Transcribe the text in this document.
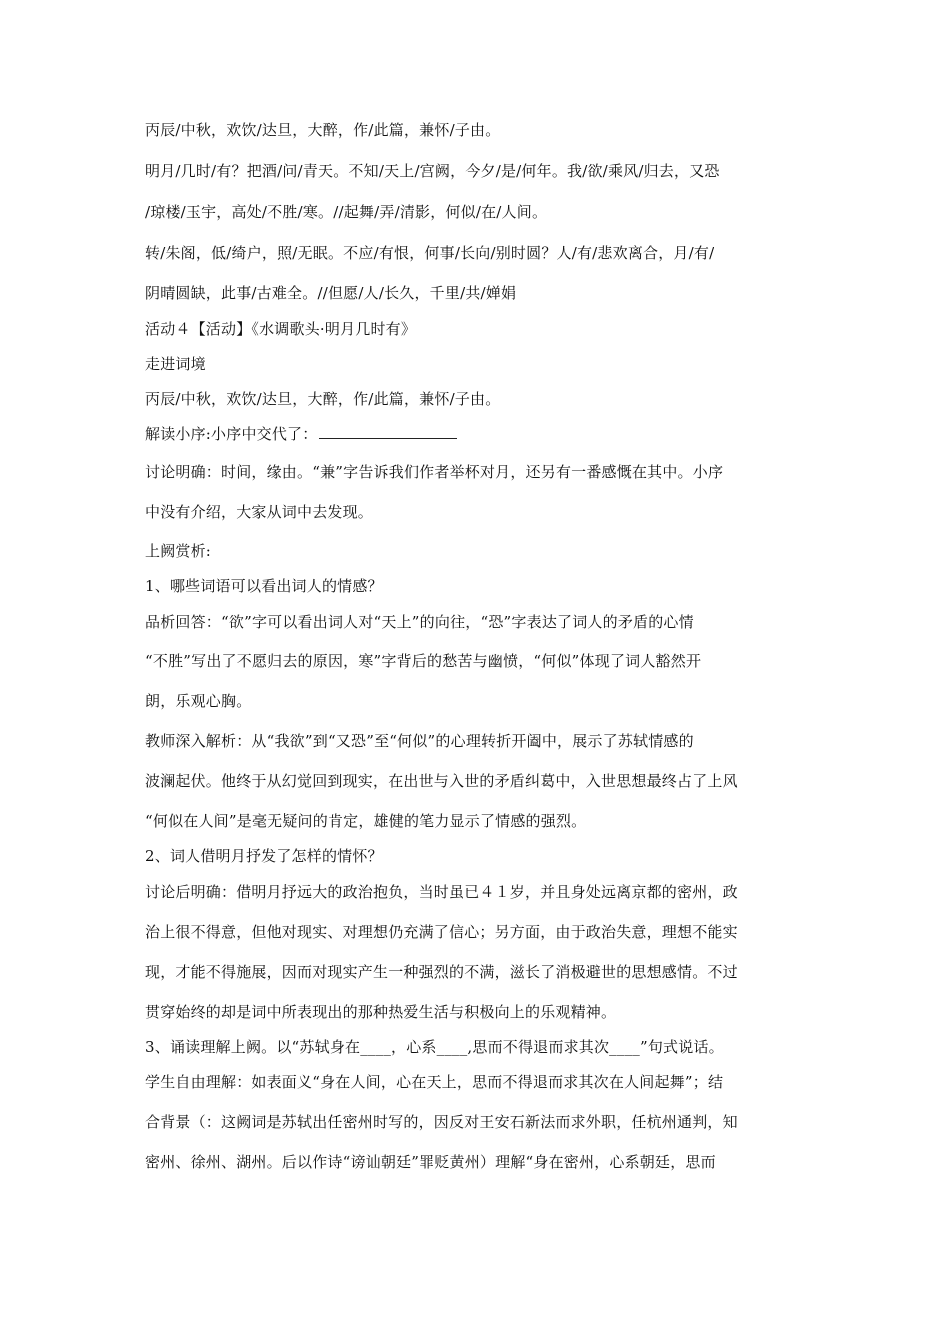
丙辰/中秋，欢饮/达旦，大醉，作/此篇，兼怀/子由。
明月/几时/有？把酒/问/青天。不知/天上/宫阙，今夕/是/何年。我/欲/乘风/归去，又恐
/琼楼/玉宇，高处/不胜/寒。//起舞/弄/清影，何似/在/人间。
转/朱阁，低/绮户，照/无眠。不应/有恨，何事/长向/别时圆？人/有/悲欢离合，月/有/
阴晴圆缺，此事/古难全。//但愿/人/长久，千里/共/婵娟
活动４【活动】《水调歌头·明月几时有》
走进词境
丙辰/中秋，欢饮/达旦，大醉，作/此篇，兼怀/子由。
解读小序:小序中交代了：
讨论明确：时间，缘由。“兼”字告诉我们作者举杯对月，还另有一番感慨在其中。小序
中没有介绍，大家从词中去发现。
上阙赏析:
1、哪些词语可以看出词人的情感？
品析回答：“欲”字可以看出词人对“天上”的向往，“恐”字表达了词人的矛盾的心情
“不胜”写出了不愿归去的原因，寒”字背后的愁苦与幽愤，“何似”体现了词人豁然开
朗，乐观心胸。
教师深入解析：从“我欲”到“又恐”至“何似”的心理转折开阖中，展示了苏轼情感的
波澜起伏。他终于从幻觉回到现实，在出世与入世的矛盾纠葛中，入世思想最终占了上风
“何似在人间”是毫无疑问的肯定，雄健的笔力显示了情感的强烈。
2、词人借明月抒发了怎样的情怀？
讨论后明确：借明月抒远大的政治抱负，当时虽已４１岁，并且身处远离京都的密州，政
治上很不得意，但他对现实、对理想仍充满了信心；另方面，由于政治失意，理想不能实
现，才能不得施展，因而对现实产生一种强烈的不满，滋长了消极避世的思想感情。不过
贯穿始终的却是词中所表现出的那种热爱生活与积极向上的乐观精神。
3、诵读理解上阙。以“苏轼身在____，心系____,思而不得退而求其次____”句式说话。
学生自由理解：如表面义“身在人间，心在天上，思而不得退而求其次在人间起舞”；结
合背景（：这阙词是苏轼出任密州时写的，因反对王安石新法而求外职，任杭州通判，知
密州、徐州、湖州。后以作诗“谤讪朝廷”罪贬黄州）理解“身在密州，心系朝廷，思而
